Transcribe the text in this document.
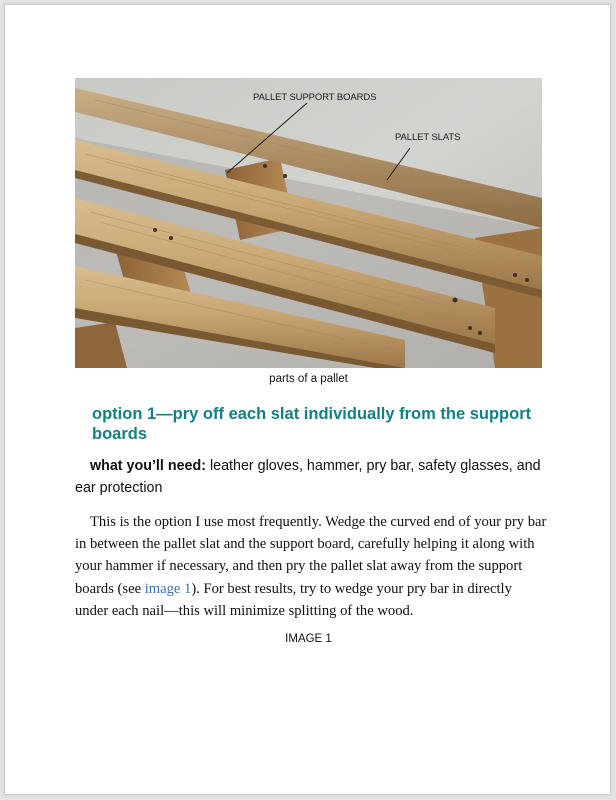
PALLET SUPPORT BOARDS
PALLET SLATS
parts of a pallet
option 1—pry off each slat individually from the support boards
what you’ll need: leather gloves, hammer, pry bar, safety glasses, and ear protection
This is the option I use most frequently. Wedge the curved end of your pry bar in between the pallet slat and the support board, carefully helping it along with your hammer if necessary, and then pry the pallet slat away from the support boards (see image 1). For best results, try to wedge your pry bar in directly under each nail—this will minimize splitting of the wood.
IMAGE 1
